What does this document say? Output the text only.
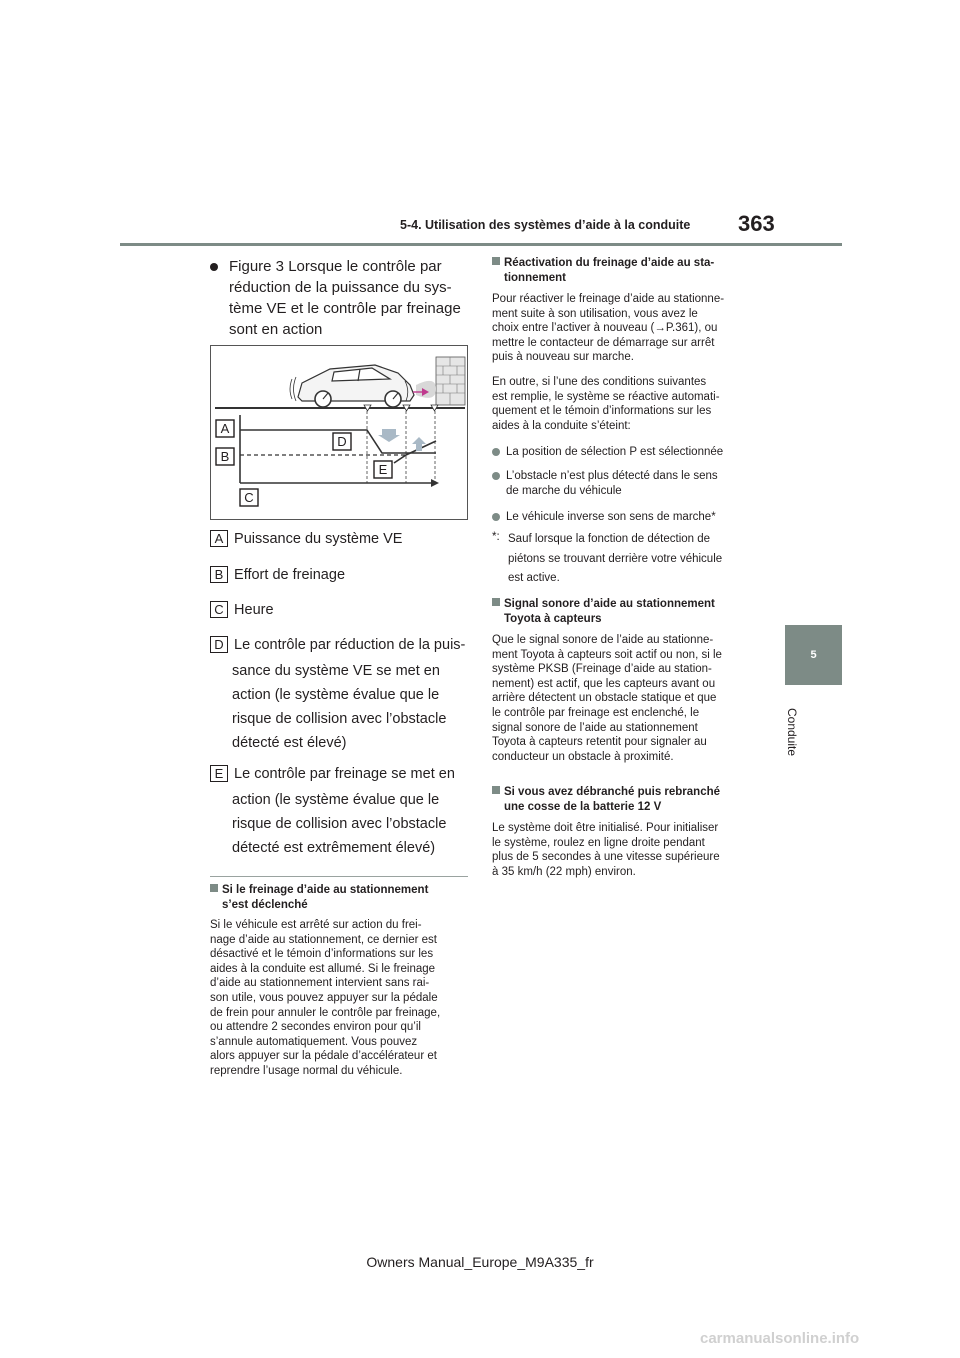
5-4. Utilisation des systèmes d’aide à la conduite 363
5
Conduite
Figure 3 Lorsque le contrôle par
réduction de la puissance du sys-
tème VE et le contrôle par freinage
sont en action
A
B
C
D
E
A Puissance du système VE
B Effort de freinage
C Heure
D Le contrôle par réduction de la puis-
sance du système VE se met en
action (le système évalue que le
risque de collision avec l’obstacle
détecté est élevé)
E Le contrôle par freinage se met en
action (le système évalue que le
risque de collision avec l’obstacle
détecté est extrêmement élevé)
Si le freinage d’aide au stationnement
s’est déclenché
Si le véhicule est arrêté sur action du frei-
nage d’aide au stationnement, ce dernier est
désactivé et le témoin d’informations sur les
aides à la conduite est allumé. Si le freinage
d’aide au stationnement intervient sans rai-
son utile, vous pouvez appuyer sur la pédale
de frein pour annuler le contrôle par freinage,
ou attendre 2 secondes environ pour qu’il
s’annule automatiquement. Vous pouvez
alors appuyer sur la pédale d’accélérateur et
reprendre l’usage normal du véhicule.
Réactivation du freinage d’aide au sta-
tionnement
Pour réactiver le freinage d’aide au stationne-
ment suite à son utilisation, vous avez le
choix entre l’activer à nouveau (→P.361), ou
mettre le contacteur de démarrage sur arrêt
puis à nouveau sur marche.
En outre, si l’une des conditions suivantes
est remplie, le système se réactive automati-
quement et le témoin d’informations sur les
aides à la conduite s’éteint:
La position de sélection P est sélectionnée
L’obstacle n’est plus détecté dans le sens
de marche du véhicule
Le véhicule inverse son sens de marche*
*: Sauf lorsque la fonction de détection de
piétons se trouvant derrière votre véhicule
est active.
Signal sonore d’aide au stationnement
Toyota à capteurs
Que le signal sonore de l’aide au stationne-
ment Toyota à capteurs soit actif ou non, si le
système PKSB (Freinage d’aide au station-
nement) est actif, que les capteurs avant ou
arrière détectent un obstacle statique et que
le contrôle par freinage est enclenché, le
signal sonore de l’aide au stationnement
Toyota à capteurs retentit pour signaler au
conducteur un obstacle à proximité.
Si vous avez débranché puis rebranché
une cosse de la batterie 12 V
Le système doit être initialisé. Pour initialiser
le système, roulez en ligne droite pendant
plus de 5 secondes à une vitesse supérieure
à 35 km/h (22 mph) environ.
Owners Manual_Europe_M9A335_fr
carmanualsonline.info
